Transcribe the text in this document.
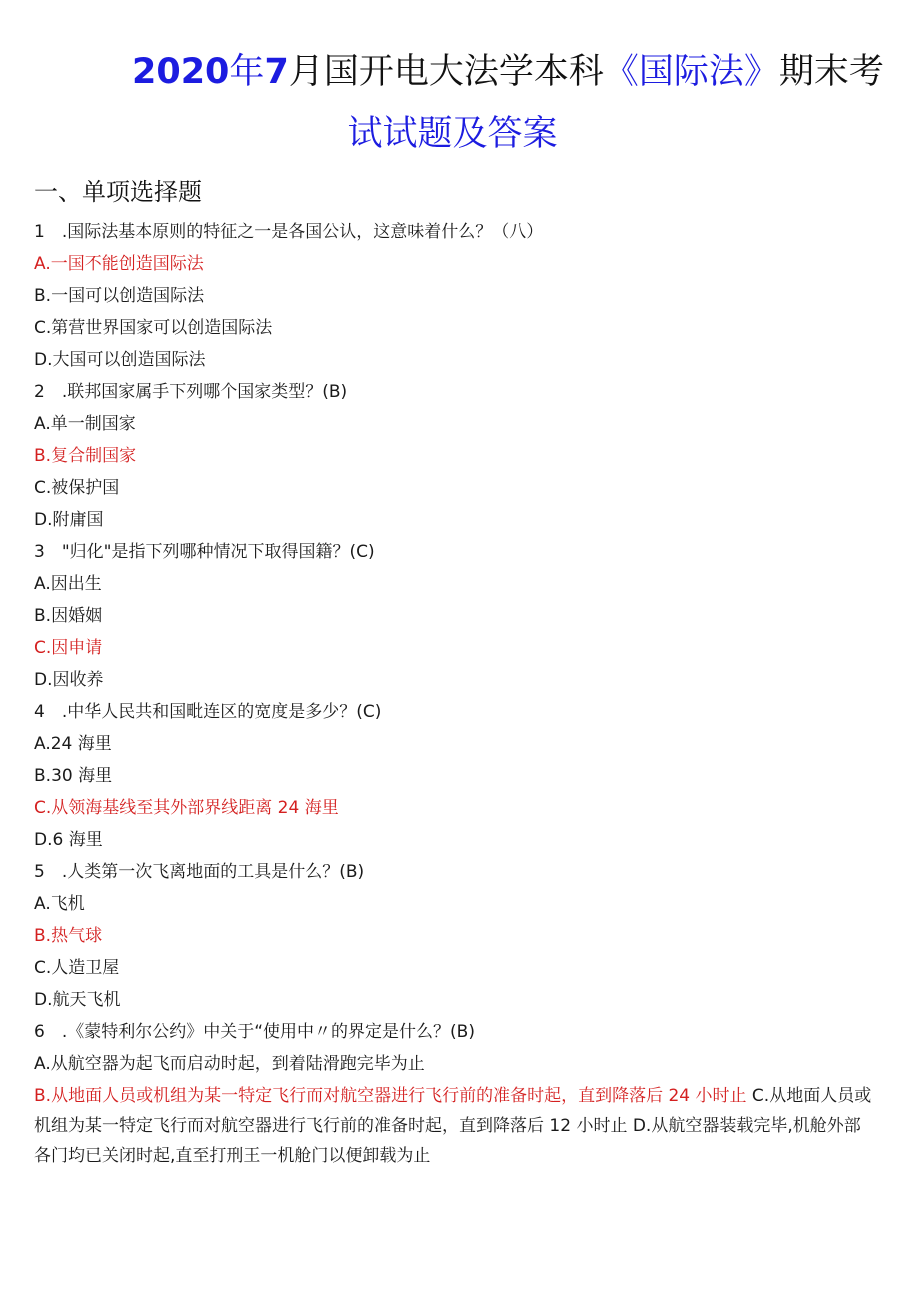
2020年7月国开电大法学本科《国际法》期末考
试试题及答案
一、单项选择题
1　.国际法基本原则的特征之一是各国公认，这意味着什么？（八）
A.一国不能创造国际法
B.一国可以创造国际法
C.第营世界国家可以创造国际法
D.大国可以创造国际法
2　.联邦国家属手下列哪个国家类型？(B)
A.单一制国家
B.复合制国家
C.被保护国
D.附庸国
3　"归化"是指下列哪种情况下取得国籍？(C)
A.因出生
B.因婚姻
C.因申请
D.因收养
4　.中华人民共和国毗连区的宽度是多少？(C)
A.24 海里
B.30 海里
C.从领海基线至其外部界线距离 24 海里
D.6 海里
5　.人类第一次飞离地面的工具是什么？(B)
A.飞机
B.热气球
C.人造卫屋
D.航天飞机
6　.《蒙特利尔公约》中关于“使用中〃的界定是什么？(B)
A.从航空器为起飞而启动时起，到着陆滑跑完毕为止
B.从地面人员或机组为某一特定飞行而对航空器进行飞行前的准备时起，直到降落后 24 小时止 C.从地面人员或机组为某一特定飞行而对航空器进行飞行前的准备时起，直到降落后 12 小时止 D.从航空器装载完毕,机舱外部各门均已关闭时起,直至打刑王一机舱门以便卸载为止
